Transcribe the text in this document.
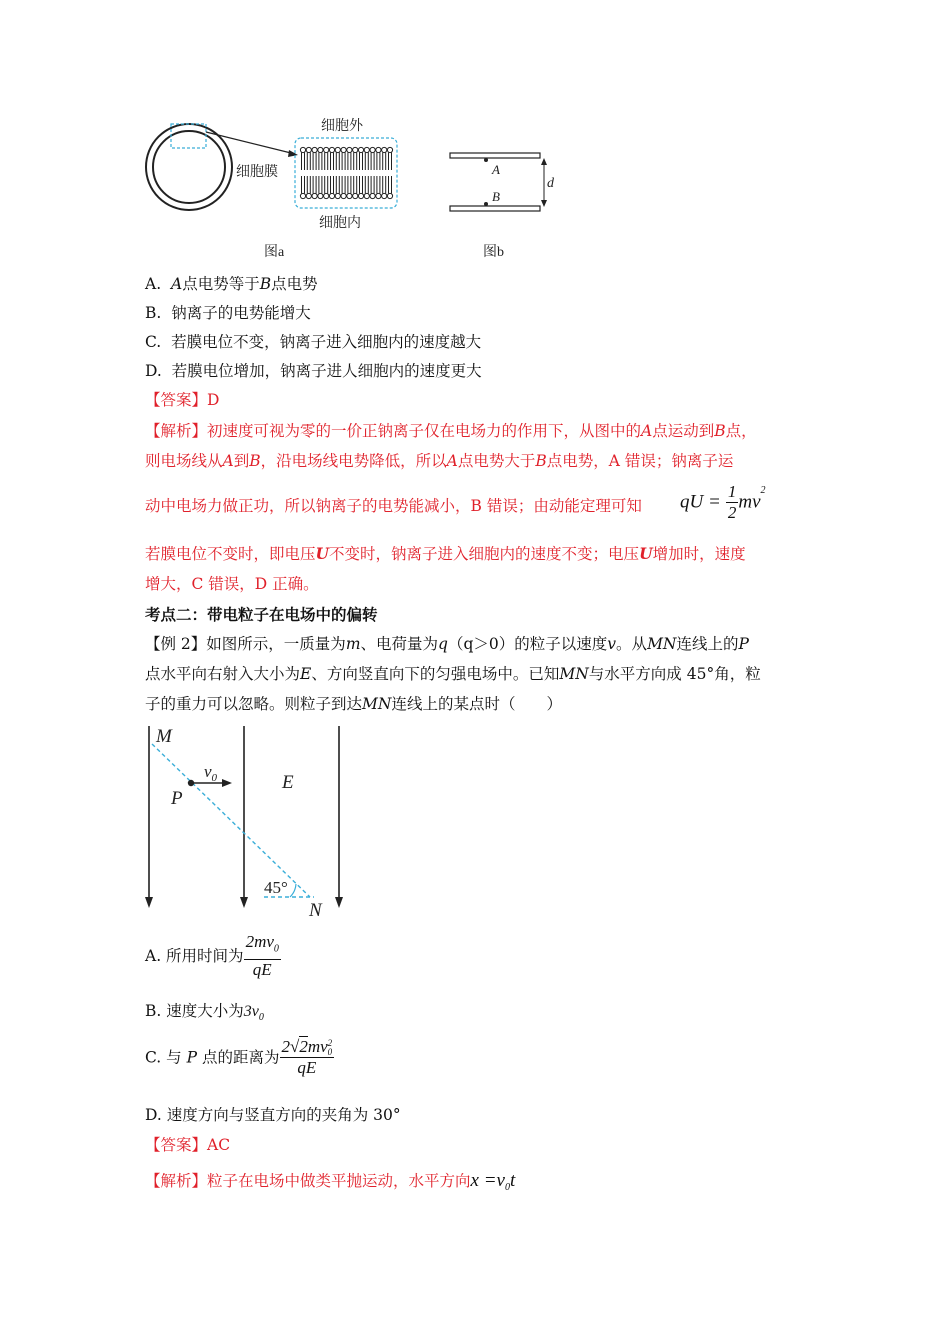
细胞外
细胞膜
细胞内
图a
A
B
d
图b
A. A点电势等于B点电势
B. 钠离子的电势能增大
C. 若膜电位不变，钠离子进入细胞内的速度越大
D. 若膜电位增加，钠离子进人细胞内的速度更大
【答案】D
【解析】初速度可视为零的一价正钠离子仅在电场力的作用下，从图中的A点运动到B点，
则电场线从A到B，沿电场线电势降低，所以A点电势大于B点电势，A 错误；钠离子运
动中电场力做正功，所以钠离子的电势能减小，B 错误；由动能定理可知 qU = $\frac{1}{2} mv^2$
若膜电位不变时，即电压U不变时，钠离子进入细胞内的速度不变；电压U增加时，速度
增大，C 错误，D 正确。
考点二：带电粒子在电场中的偏转
【例 2】如图所示，一质量为m、电荷量为q（q＞0）的粒子以速度v。从MN连线上的P
点水平向右射入大小为E、方向竖直向下的匀强电场中。已知MN与水平方向成 45°角，粒
子的重力可以忽略。则粒子到达MN连线上的某点时（　　）
M
P
$v_0$	E
45°
N
A. 所用时间为 $\frac{2mv_0}{qE}$
B. 速度大小为$3v_0$
C. 与 P 点的距离为 2√2mv 2
0
qE
D. 速度方向与竖直方向的夹角为 30°
【答案】AC
【解析】粒子在电场中做类平抛运动，水平方向$x =v_0t$
